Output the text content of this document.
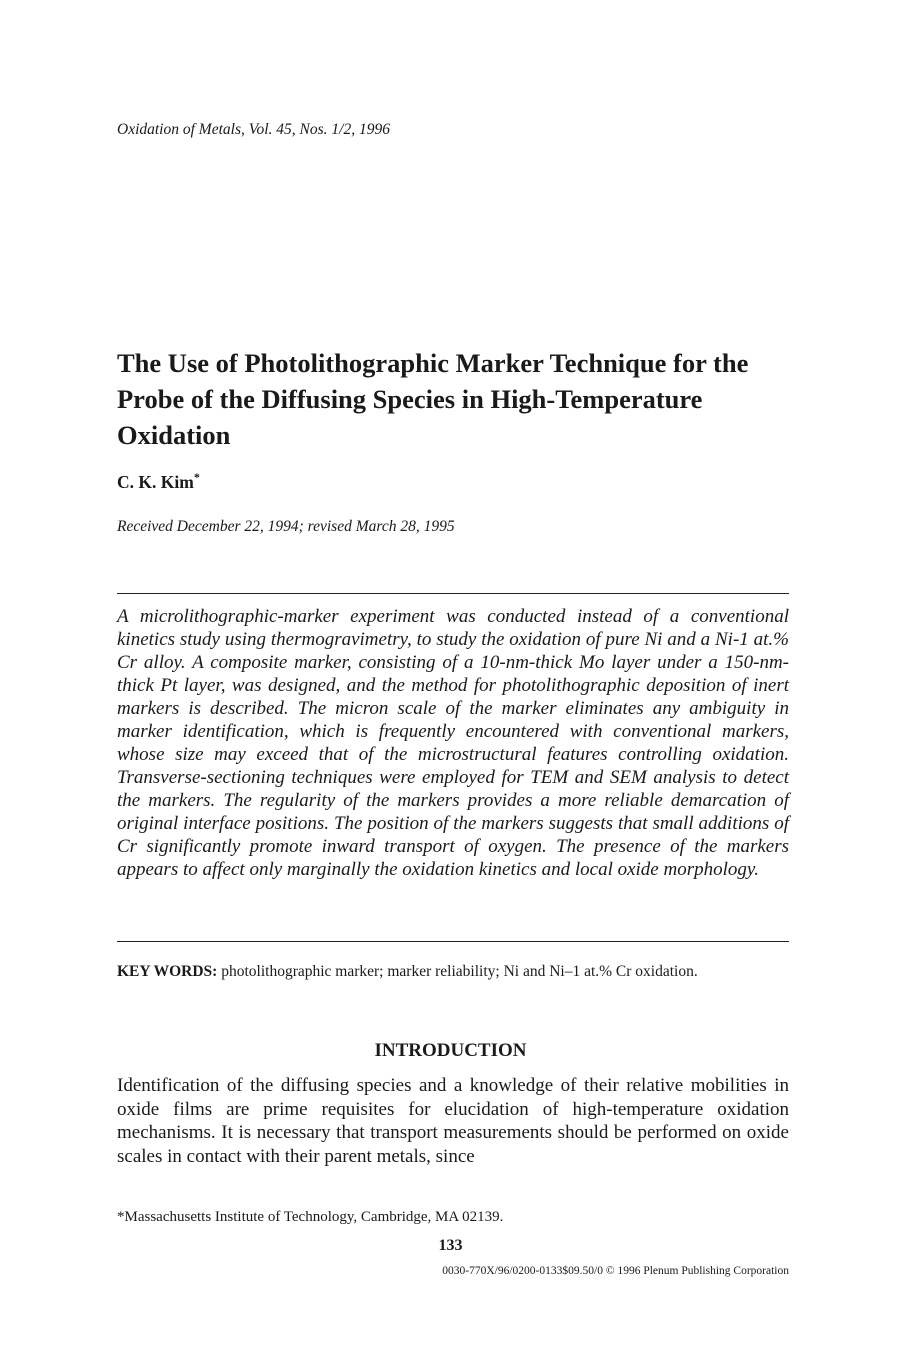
Oxidation of Metals, Vol. 45, Nos. 1/2, 1996
The Use of Photolithographic Marker Technique for the Probe of the Diffusing Species in High-Temperature Oxidation
C. K. Kim*
Received December 22, 1994; revised March 28, 1995

A microlithographic-marker experiment was conducted instead of a conventional kinetics study using thermogravimetry, to study the oxidation of pure Ni and a Ni-1 at.% Cr alloy. A composite marker, consisting of a 10-nm-thick Mo layer under a 150-nm-thick Pt layer, was designed, and the method for photolithographic deposition of inert markers is described. The micron scale of the marker eliminates any ambiguity in marker identification, which is frequently encountered with conventional markers, whose size may exceed that of the microstructural features controlling oxidation. Transverse-sectioning techniques were employed for TEM and SEM analysis to detect the markers. The regularity of the markers provides a more reliable demarcation of original interface positions. The position of the markers suggests that small additions of Cr significantly promote inward transport of oxygen. The presence of the markers appears to affect only marginally the oxidation kinetics and local oxide morphology.

KEY WORDS: photolithographic marker; marker reliability; Ni and Ni–1 at.% Cr oxidation.
INTRODUCTION

Identification of the diffusing species and a knowledge of their relative mobilities in oxide films are prime requisites for elucidation of high-temperature oxidation mechanisms. It is necessary that transport measurements should be performed on oxide scales in contact with their parent metals, since

*Massachusetts Institute of Technology, Cambridge, MA 02139.
133
0030-770X/96/0200-0133$09.50/0 © 1996 Plenum Publishing Corporation
